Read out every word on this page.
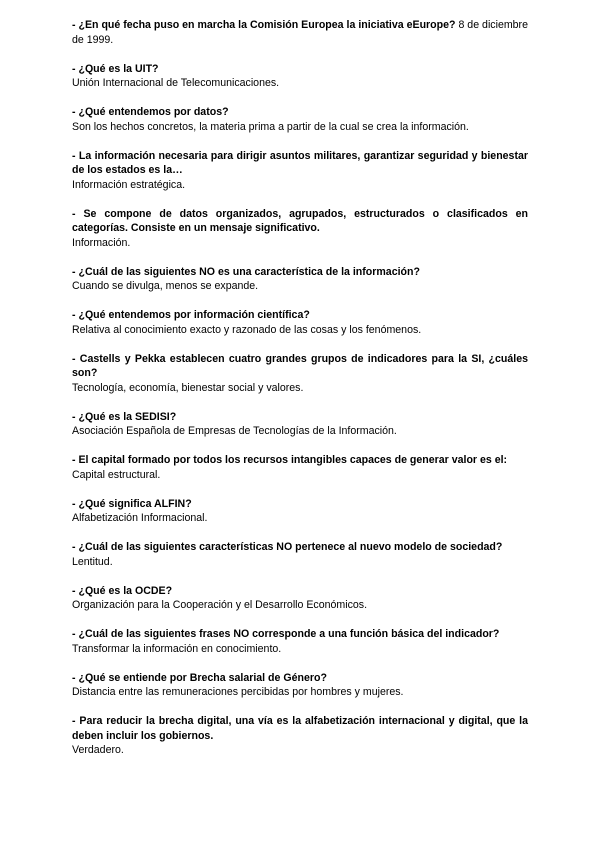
- ¿En qué fecha puso en marcha la Comisión Europea la iniciativa eEurope? 8 de diciembre de 1999.

- ¿Qué es la UIT?

Unión Internacional de Telecomunicaciones.

- ¿Qué entendemos por datos?

Son los hechos concretos, la materia prima a partir de la cual se crea la información.

- La información necesaria para dirigir asuntos militares, garantizar seguridad y bienestar de los estados es la…

Información estratégica.

- Se compone de datos organizados, agrupados, estructurados o clasificados en categorías. Consiste en un mensaje significativo.

Información.

- ¿Cuál de las siguientes NO es una característica de la información?

Cuando se divulga, menos se expande.

- ¿Qué entendemos por información científica?

Relativa al conocimiento exacto y razonado de las cosas y los fenómenos.

- Castells y Pekka establecen cuatro grandes grupos de indicadores para la SI, ¿cuáles son?

Tecnología, economía, bienestar social y valores.

- ¿Qué es la SEDISI?

Asociación Española de Empresas de Tecnologías de la Información.

- El capital formado por todos los recursos intangibles capaces de generar valor es el:

Capital estructural.

- ¿Qué significa ALFIN?

Alfabetización Informacional.

- ¿Cuál de las siguientes características NO pertenece al nuevo modelo de sociedad?

Lentitud.

- ¿Qué es la OCDE?

Organización para la Cooperación y el Desarrollo Económicos.

- ¿Cuál de las siguientes frases NO corresponde a una función básica del indicador?

Transformar la información en conocimiento.

- ¿Qué se entiende por Brecha salarial de Género?

Distancia entre las remuneraciones percibidas por hombres y mujeres.

- Para reducir la brecha digital, una vía es la alfabetización internacional y digital, que la deben incluir los gobiernos.

Verdadero.
